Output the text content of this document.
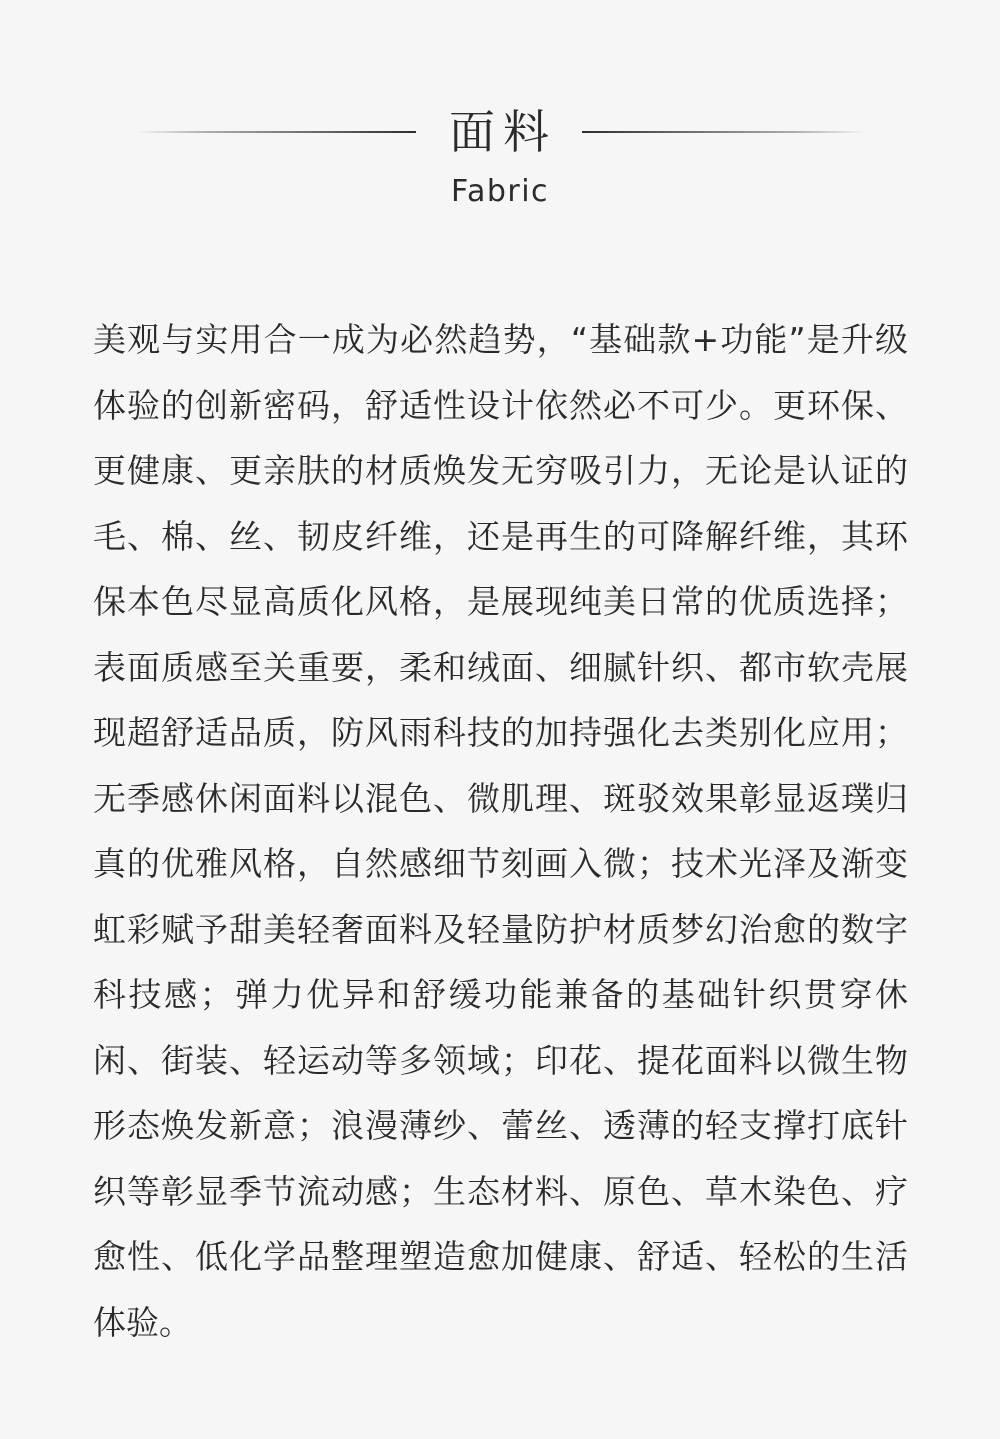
面料

Fabric

美观与实用合一成为必然趋势，“基础款+功能”是升级体验的创新密码，舒适性设计依然必不可少。更环保、更健康、更亲肤的材质焕发无穷吸引力，无论是认证的毛、棉、丝、韧皮纤维，还是再生的可降解纤维，其环保本色尽显高质化风格，是展现纯美日常的优质选择；表面质感至关重要，柔和绒面、细腻针织、都市软壳展现超舒适品质，防风雨科技的加持强化去类别化应用；无季感休闲面料以混色、微肌理、斑驳效果彰显返璞归真的优雅风格，自然感细节刻画入微；技术光泽及渐变虹彩赋予甜美轻奢面料及轻量防护材质梦幻治愈的数字科技感；弹力优异和舒缓功能兼备的基础针织贯穿休闲、街装、轻运动等多领域；印花、提花面料以微生物形态焕发新意；浪漫薄纱、蕾丝、透薄的轻支撑打底针织等彰显季节流动感；生态材料、原色、草木染色、疗愈性、低化学品整理塑造愈加健康、舒适、轻松的生活体验。
